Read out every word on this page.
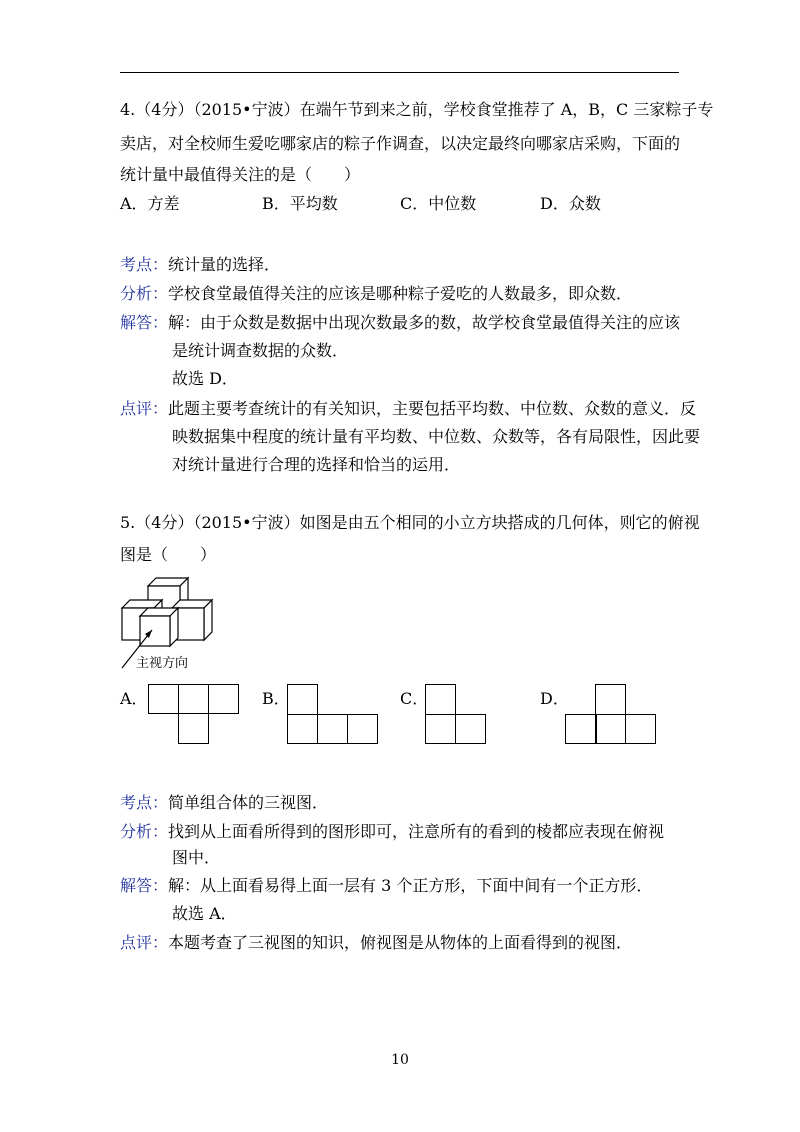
4.（4分）（2015•宁波）在端午节到来之前，学校食堂推荐了 A，B，C 三家粽子专
卖店，对全校师生爱吃哪家店的粽子作调查，以决定最终向哪家店采购，下面的
统计量中最值得关注的是（　　）
A．方差	B．平均数	C．中位数	D．众数
考点：统计量的选择．
分析：学校食堂最值得关注的应该是哪种粽子爱吃的人数最多，即众数．
解答：解：由于众数是数据中出现次数最多的数，故学校食堂最值得关注的应该
是统计调查数据的众数．
故选 D．
点评：此题主要考查统计的有关知识，主要包括平均数、中位数、众数的意义．反
映数据集中程度的统计量有平均数、中位数、众数等，各有局限性，因此要
对统计量进行合理的选择和恰当的运用．
5.（4分）（2015•宁波）如图是由五个相同的小立方块搭成的几何体，则它的俯视
图是（　　）
主视方向
A．	B．	C．	D．
考点：简单组合体的三视图．
分析：找到从上面看所得到的图形即可，注意所有的看到的棱都应表现在俯视
图中．
解答：解：从上面看易得上面一层有 3 个正方形，下面中间有一个正方形．
故选 A．
点评：本题考查了三视图的知识，俯视图是从物体的上面看得到的视图．
10
